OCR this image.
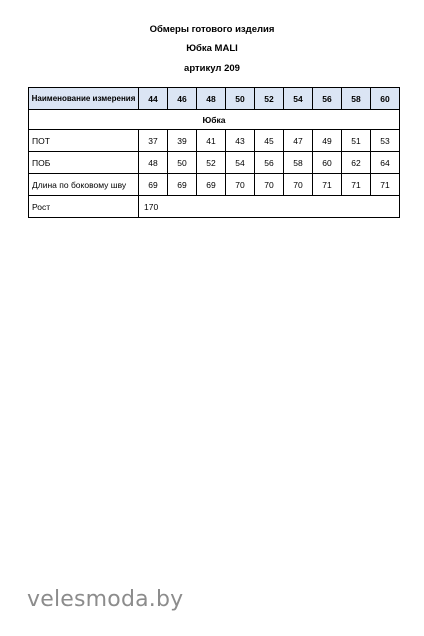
Обмеры готового изделия
Юбка MALI
артикул 209
Наименование измерения	44	46	48	50	52	54	56	58	60
Юбка									
ПОТ	37	39	41	43	45	47	49	51	53
ПОБ	48	50	52	54	56	58	60	62	64
Длина по боковому шву	69	69	69	70	70	70	71	71	71
Рост	170								
velesmoda.by
